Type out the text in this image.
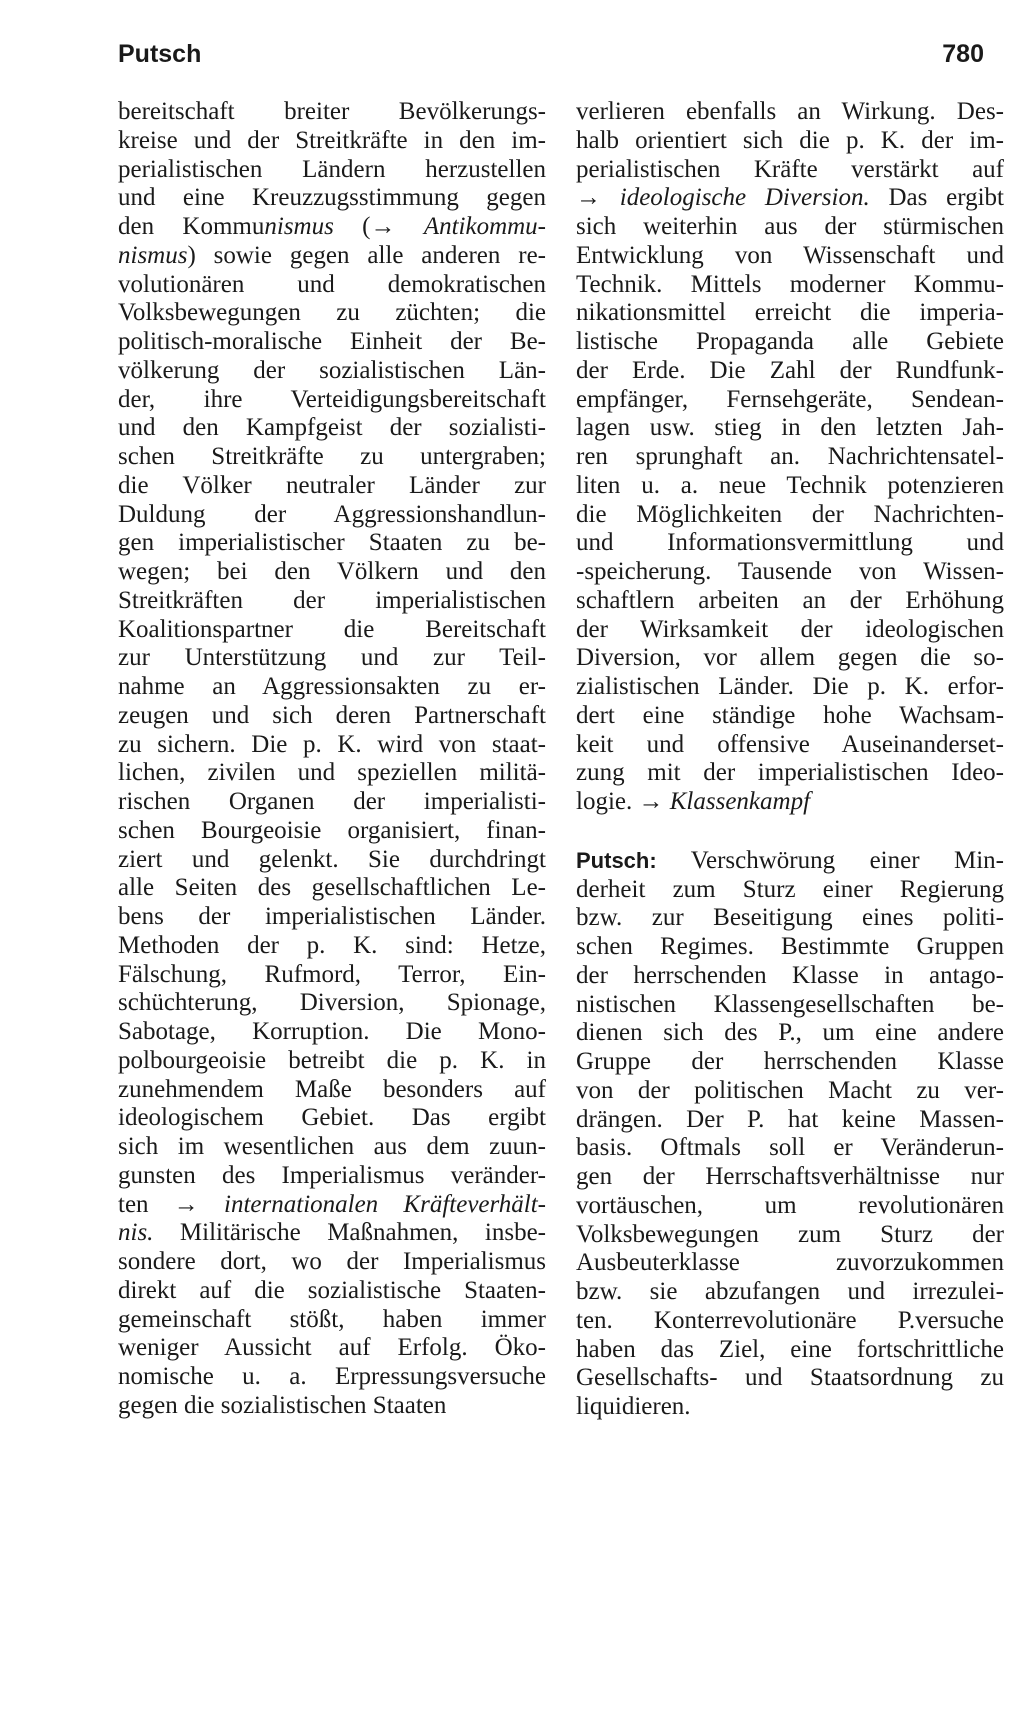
Putsch	780
bereitschaft breiter Bevölkerungs-
kreise und der Streitkräfte in den im-
perialistischen Ländern herzustellen
und eine Kreuzzugsstimmung gegen
den Kommunismus (→ Antikommu-
nismus) sowie gegen alle anderen re-
volutionären und demokratischen
Volksbewegungen zu züchten; die
politisch-moralische Einheit der Be-
völkerung der sozialistischen Län-
der, ihre Verteidigungsbereitschaft
und den Kampfgeist der sozialisti-
schen Streitkräfte zu untergraben;
die Völker neutraler Länder zur
Duldung der Aggressionshandlun-
gen imperialistischer Staaten zu be-
wegen; bei den Völkern und den
Streitkräften der imperialistischen
Koalitionspartner die Bereitschaft
zur Unterstützung und zur Teil-
nahme an Aggressionsakten zu er-
zeugen und sich deren Partnerschaft
zu sichern. Die p. K. wird von staat-
lichen, zivilen und speziellen militä-
rischen Organen der imperialisti-
schen Bourgeoisie organisiert, finan-
ziert und gelenkt. Sie durchdringt
alle Seiten des gesellschaftlichen Le-
bens der imperialistischen Länder.
Methoden der p. K. sind: Hetze,
Fälschung, Rufmord, Terror, Ein-
schüchterung, Diversion, Spionage,
Sabotage, Korruption. Die Mono-
polbourgeoisie betreibt die p. K. in
zunehmendem Maße besonders auf
ideologischem Gebiet. Das ergibt
sich im wesentlichen aus dem zuun-
gunsten des Imperialismus veränder-
ten → internationalen Kräfteverhält-
nis. Militärische Maßnahmen, insbe-
sondere dort, wo der Imperialismus
direkt auf die sozialistische Staaten-
gemeinschaft stößt, haben immer
weniger Aussicht auf Erfolg. Öko-
nomische u. a. Erpressungsversuche
gegen die sozialistischen Staaten
verlieren ebenfalls an Wirkung. Des-
halb orientiert sich die p. K. der im-
perialistischen Kräfte verstärkt auf
→ ideologische Diversion. Das ergibt
sich weiterhin aus der stürmischen
Entwicklung von Wissenschaft und
Technik. Mittels moderner Kommu-
nikationsmittel erreicht die imperia-
listische Propaganda alle Gebiete
der Erde. Die Zahl der Rundfunk-
empfänger, Fernsehgeräte, Sendean-
lagen usw. stieg in den letzten Jah-
ren sprunghaft an. Nachrichtensatel-
liten u. a. neue Technik potenzieren
die Möglichkeiten der Nachrichten-
und Informationsvermittlung und
-speicherung. Tausende von Wissen-
schaftlern arbeiten an der Erhöhung
der Wirksamkeit der ideologischen
Diversion, vor allem gegen die so-
zialistischen Länder. Die p. K. erfor-
dert eine ständige hohe Wachsam-
keit und offensive Auseinanderset-
zung mit der imperialistischen Ideo-
logie. → Klassenkampf
Putsch: Verschwörung einer Min-
derheit zum Sturz einer Regierung
bzw. zur Beseitigung eines politi-
schen Regimes. Bestimmte Gruppen
der herrschenden Klasse in antago-
nistischen Klassengesellschaften be-
dienen sich des P., um eine andere
Gruppe der herrschenden Klasse
von der politischen Macht zu ver-
drängen. Der P. hat keine Massen-
basis. Oftmals soll er Veränderun-
gen der Herrschaftsverhältnisse nur
vortäuschen, um revolutionären
Volksbewegungen zum Sturz der
Ausbeuterklasse zuvorzukommen
bzw. sie abzufangen und irrezulei-
ten. Konterrevolutionäre P.versuche
haben das Ziel, eine fortschrittliche
Gesellschafts- und Staatsordnung zu
liquidieren.
